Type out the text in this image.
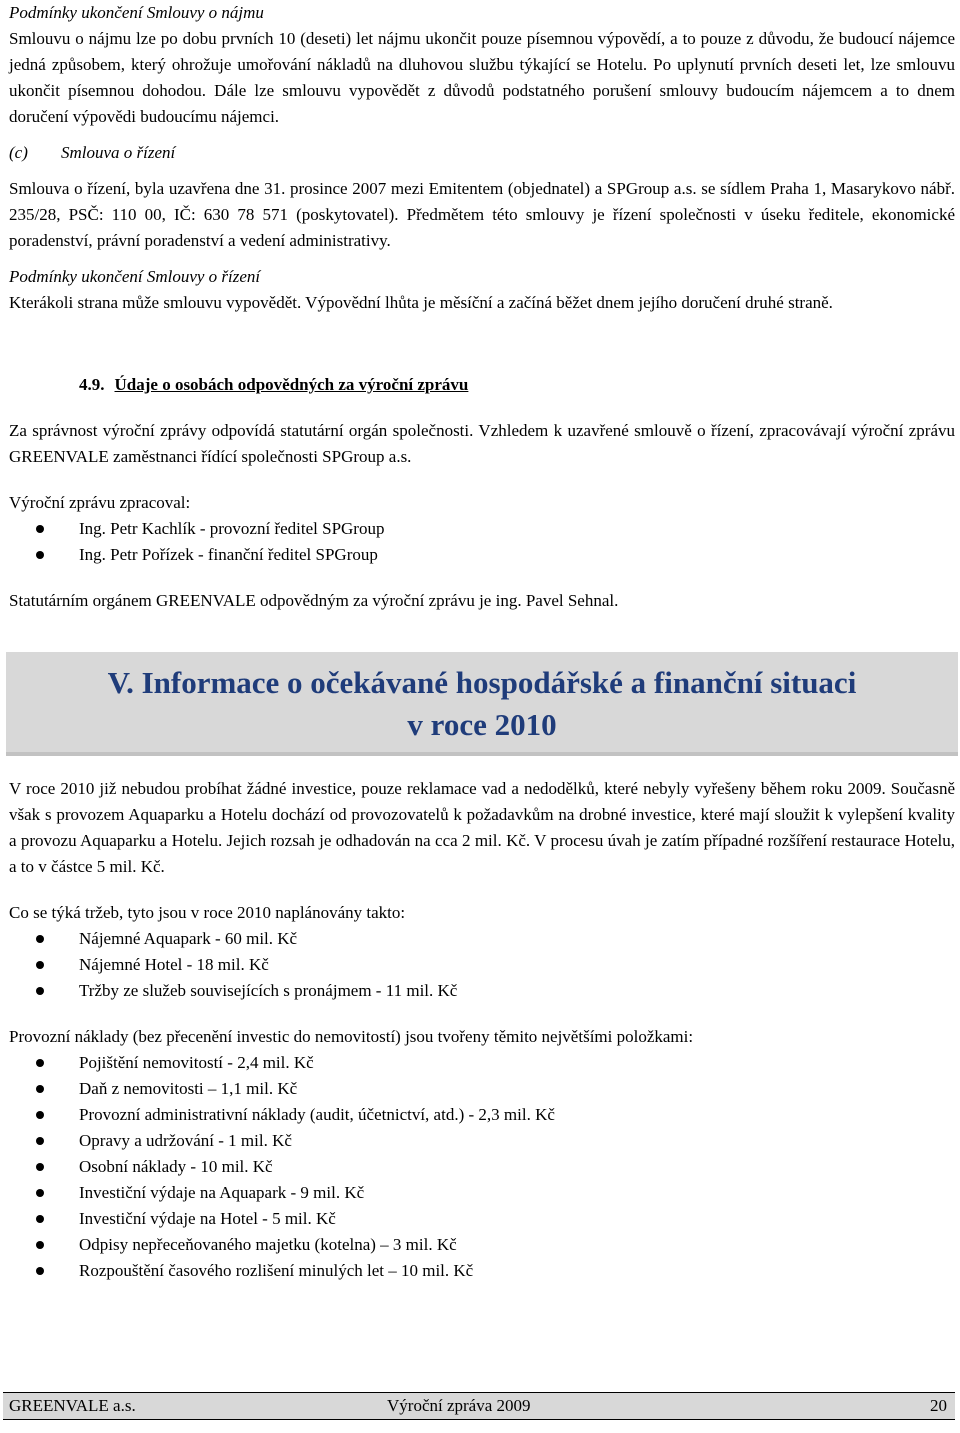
Podmínky ukončení Smlouvy o nájmu

Smlouvu o nájmu lze po dobu prvních 10 (deseti) let nájmu ukončit pouze písemnou výpovědí, a to pouze z důvodu, že budoucí nájemce jedná způsobem, který ohrožuje umořování nákladů na dluhovou službu týkající se Hotelu. Po uplynutí prvních deseti let, lze smlouvu ukončit písemnou dohodou. Dále lze smlouvu vypovědět z důvodů podstatného porušení smlouvy budoucím nájemcem a to dnem doručení výpovědi budoucímu nájemci.

(c)	Smlouva o řízení

Smlouva o řízení, byla uzavřena dne 31. prosince 2007 mezi Emitentem (objednatel) a SPGroup a.s. se sídlem Praha 1, Masarykovo nábř. 235/28, PSČ: 110 00, IČ: 630 78 571 (poskytovatel). Předmětem této smlouvy je řízení společnosti v úseku ředitele, ekonomické poradenství, právní poradenství a vedení administrativy.

Podmínky ukončení Smlouvy o řízení

Kterákoli strana může smlouvu vypovědět. Výpovědní lhůta je měsíční a začíná běžet dnem jejího doručení druhé straně.

4.9. Údaje o osobách odpovědných za výroční zprávu

Za správnost výroční zprávy odpovídá statutární orgán společnosti. Vzhledem k uzavřené smlouvě o řízení, zpracovávají výroční zprávu GREENVALE zaměstnanci řídící společnosti SPGroup a.s.

Výroční zprávu zpracoval:

Ing. Petr Kachlík - provozní ředitel SPGroup
Ing. Petr Pořízek - finanční ředitel SPGroup

Statutárním orgánem GREENVALE odpovědným za výroční zprávu je ing. Pavel Sehnal.

V. Informace o očekávané hospodářské a finanční situaci
v roce 2010

V roce 2010 již nebudou probíhat žádné investice, pouze reklamace vad a nedodělků, které nebyly vyřešeny během roku 2009. Současně však s provozem Aquaparku a Hotelu dochází od provozovatelů k požadavkům na drobné investice, které mají sloužit k vylepšení kvality a provozu Aquaparku a Hotelu. Jejich rozsah je odhadován na cca 2 mil. Kč. V procesu úvah je zatím případné rozšíření restaurace Hotelu, a to v částce 5 mil. Kč.

Co se týká tržeb, tyto jsou v roce 2010 naplánovány takto:

Nájemné Aquapark - 60 mil. Kč
Nájemné Hotel - 18 mil. Kč
Tržby ze služeb souvisejících s pronájmem - 11 mil. Kč

Provozní náklady (bez přecenění investic do nemovitostí) jsou tvořeny těmito největšími položkami:

Pojištění nemovitostí - 2,4 mil. Kč
Daň z nemovitosti – 1,1 mil. Kč
Provozní administrativní náklady (audit, účetnictví, atd.) - 2,3 mil. Kč
Opravy a udržování - 1 mil. Kč
Osobní náklady - 10 mil. Kč
Investiční výdaje na Aquapark - 9 mil. Kč
Investiční výdaje na Hotel - 5 mil. Kč
Odpisy nepřeceňovaného majetku (kotelna) – 3 mil. Kč
Rozpouštění časového rozlišení minulých let – 10 mil. Kč
GREENVALE a.s.	Výroční zpráva 2009	20
